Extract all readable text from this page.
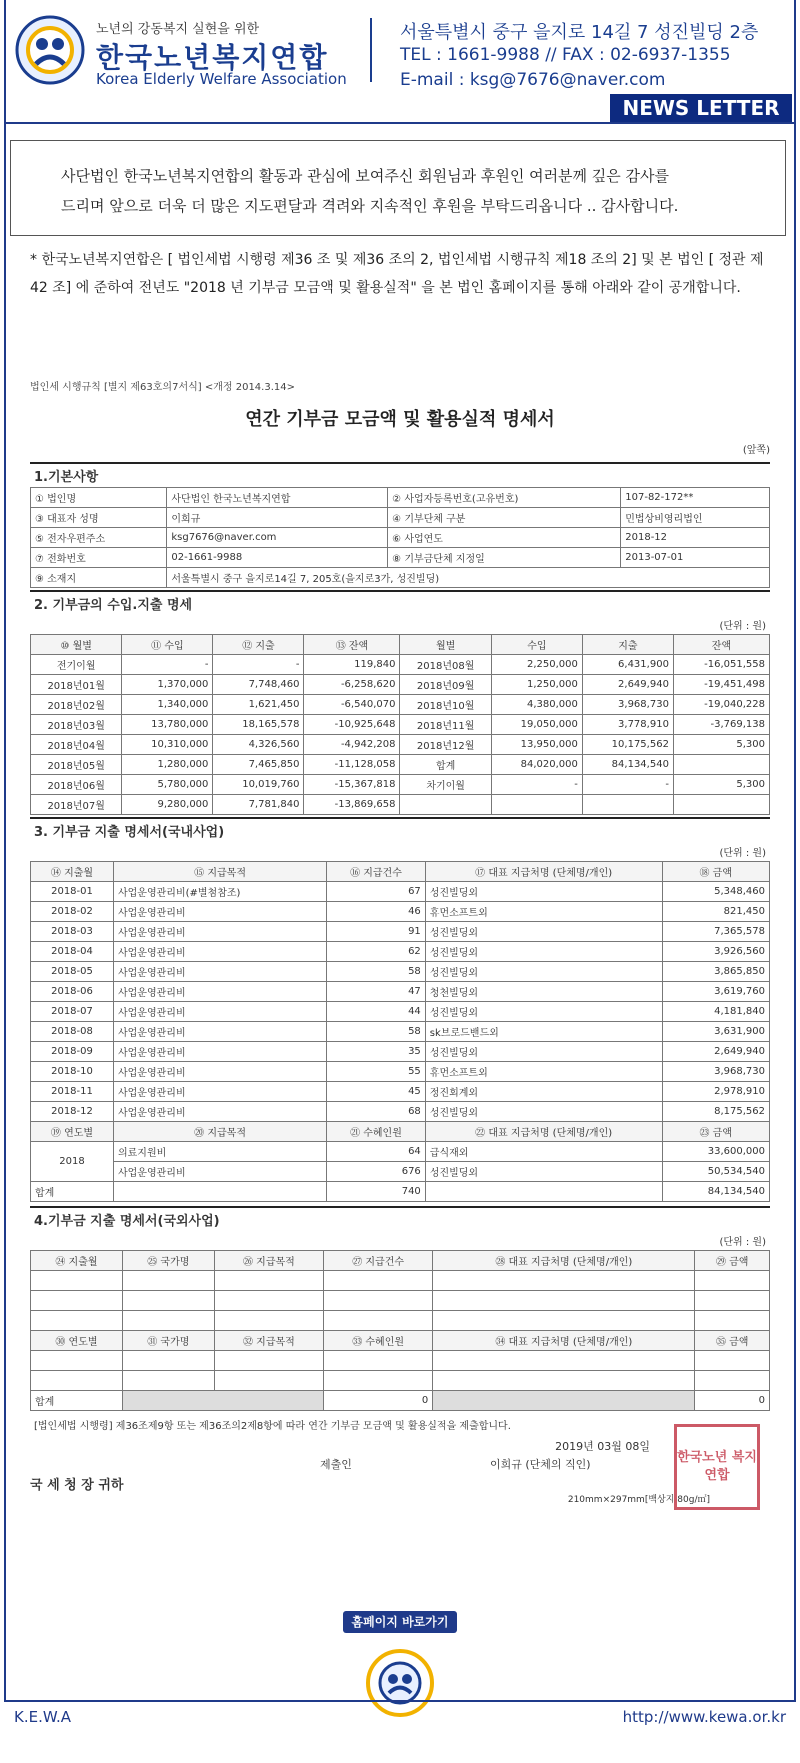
노년의 강동복지 실현을 위한
한국노년복지연합
Korea Elderly Welfare Association
서울특별시 중구 을지로 14길 7 성진빌딩 2층
TEL : 1661-9988 // FAX : 02-6937-1355
E-mail : ksg@7676@naver.com
NEWS LETTER
사단법인 한국노년복지연합의 활동과 관심에 보여주신 회원님과 후원인 여러분께 깊은 감사를
드리며 앞으로 더욱 더 많은 지도편달과 격려와 지속적인 후원을 부탁드리옵니다 .. 감사합니다.
* 한국노년복지연합은 [ 법인세법 시행령 제36 조 및 제36 조의 2, 법인세법 시행규칙 제18 조의 2] 및 본 법인 [ 정관 제42 조] 에 준하여 전년도 "2018 년 기부금 모금액 및 활용실적" 을 본 법인 홈페이지를 통해 아래와 같이 공개합니다.
법인세 시행규칙 [별지 제63호의7서식] <개정 2014.3.14>
연간 기부금 모금액 및 활용실적 명세서
(앞쪽)
1.기본사항
① 법인명	사단법인 한국노년복지연합	② 사업자등록번호(고유번호)	107-82-172**
③ 대표자 성명	이희규	④ 기부단체 구분	민법상비영리법인
⑤ 전자우편주소	ksg7676@naver.com	⑥ 사업연도	2018-12
⑦ 전화번호	02-1661-9988	⑧ 기부금단체 지정일	2013-07-01
⑨ 소재지	서울특별시 중구 을지로14길 7, 205호(을지로3가, 성진빌딩)		
2. 기부금의 수입.지출 명세
(단위 : 원)
⑩ 월별	⑪ 수입	⑫ 지출	⑬ 잔액	월별	수입	지출	잔액
전기이월	-	-	119,840	2018년08월	2,250,000	6,431,900	-16,051,558
2018년01월	1,370,000	7,748,460	-6,258,620	2018년09월	1,250,000	2,649,940	-19,451,498
2018년02월	1,340,000	1,621,450	-6,540,070	2018년10월	4,380,000	3,968,730	-19,040,228
2018년03월	13,780,000	18,165,578	-10,925,648	2018년11월	19,050,000	3,778,910	-3,769,138
2018년04월	10,310,000	4,326,560	-4,942,208	2018년12월	13,950,000	10,175,562	5,300
2018년05월	1,280,000	7,465,850	-11,128,058	합계	84,020,000	84,134,540	
2018년06월	5,780,000	10,019,760	-15,367,818	차기이월	-	-	5,300
2018년07월	9,280,000	7,781,840	-13,869,658				
3. 기부금 지출 명세서(국내사업)
(단위 : 원)
⑭ 지출월	⑮ 지급목적	⑯ 지급건수	⑰ 대표 지급처명 (단체명/개인)	⑱ 금액
2018-01	사업운영관리비(#별첨참조)	67	성진빌딩외	5,348,460
2018-02	사업운영관리비	46	휴먼소프트외	821,450
2018-03	사업운영관리비	91	성진빌딩외	7,365,578
2018-04	사업운영관리비	62	성진빌딩외	3,926,560
2018-05	사업운영관리비	58	성진빌딩외	3,865,850
2018-06	사업운영관리비	47	청천빌딩외	3,619,760
2018-07	사업운영관리비	44	성진빌딩외	4,181,840
2018-08	사업운영관리비	58	sk브로드밴드외	3,631,900
2018-09	사업운영관리비	35	성진빌딩외	2,649,940
2018-10	사업운영관리비	55	휴먼소프트외	3,968,730
2018-11	사업운영관리비	45	정진회계외	2,978,910
2018-12	사업운영관리비	68	성진빌딩외	8,175,562
⑲ 연도별	⑳ 지급목적	㉑ 수혜인원	㉒ 대표 지급처명 (단체명/개인)	㉓ 금액
2018	의료지원비	64	급식재외	33,600,000
	사업운영관리비	676	성진빌딩외	50,534,540
합계		740		84,134,540
4.기부금 지출 명세서(국외사업)
(단위 : 원)
㉔ 지출월	㉕ 국가명	㉖ 지급목적	㉗ 지급건수	㉘ 대표 지급처명 (단체명/개인)	㉙ 금액

㉚ 연도별	㉛ 국가명	㉜ 지급목적	㉝ 수혜인원	㉞ 대표 지급처명 (단체명/개인)	㉟ 금액

합계			0		0
[법인세법 시행령] 제36조제9항 또는 제36조의2제8항에 따라 연간 기부금 모금액 및 활용실적을 제출합니다.
2019년 03월 08일
제출인	이희규 (단체의 직인)
국 세 청 장 귀하
210mm×297mm[백상지 80g/㎡]
한국노년 복지연합
홈페이지 바로가기
K.E.W.A	http://www.kewa.or.kr
